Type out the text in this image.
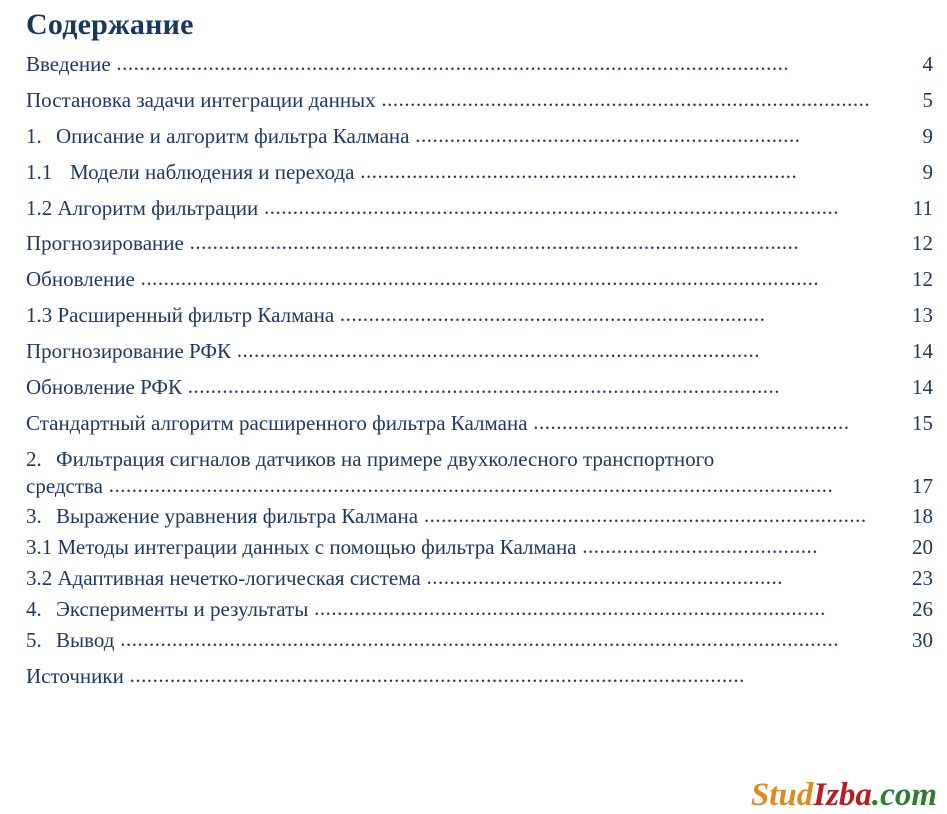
Содержание
Введение .....................................................................................................................	4
Постановка задачи интеграции данных .....................................................................................	5
1. Описание и алгоритм фильтра Калмана ...................................................................	9
1.1 Модели наблюдения и перехода ............................................................................	9
1.2 Алгоритм фильтрации ....................................................................................................	11
Прогнозирование ..........................................................................................................	12
Обновление ......................................................................................................................	12
1.3 Расширенный фильтр Калмана ..........................................................................	13
Прогнозирование РФК ...........................................................................................	14
Обновление РФК .......................................................................................................	14
Стандартный алгоритм расширенного фильтра Калмана .......................................................	15
2. Фильтрация сигналов датчиков на примере двухколесного транспортного
средства ..............................................................................................................................	17
3. Выражение уравнения фильтра Калмана .............................................................................	18
3.1 Методы интеграции данных с помощью фильтра Калмана .........................................	20
3.2 Адаптивная нечетко-логическая система ..............................................................	23
4. Эксперименты и результаты .........................................................................................	26
5. Вывод .............................................................................................................................	30
Источники ...........................................................................................................
StudIzba.com
